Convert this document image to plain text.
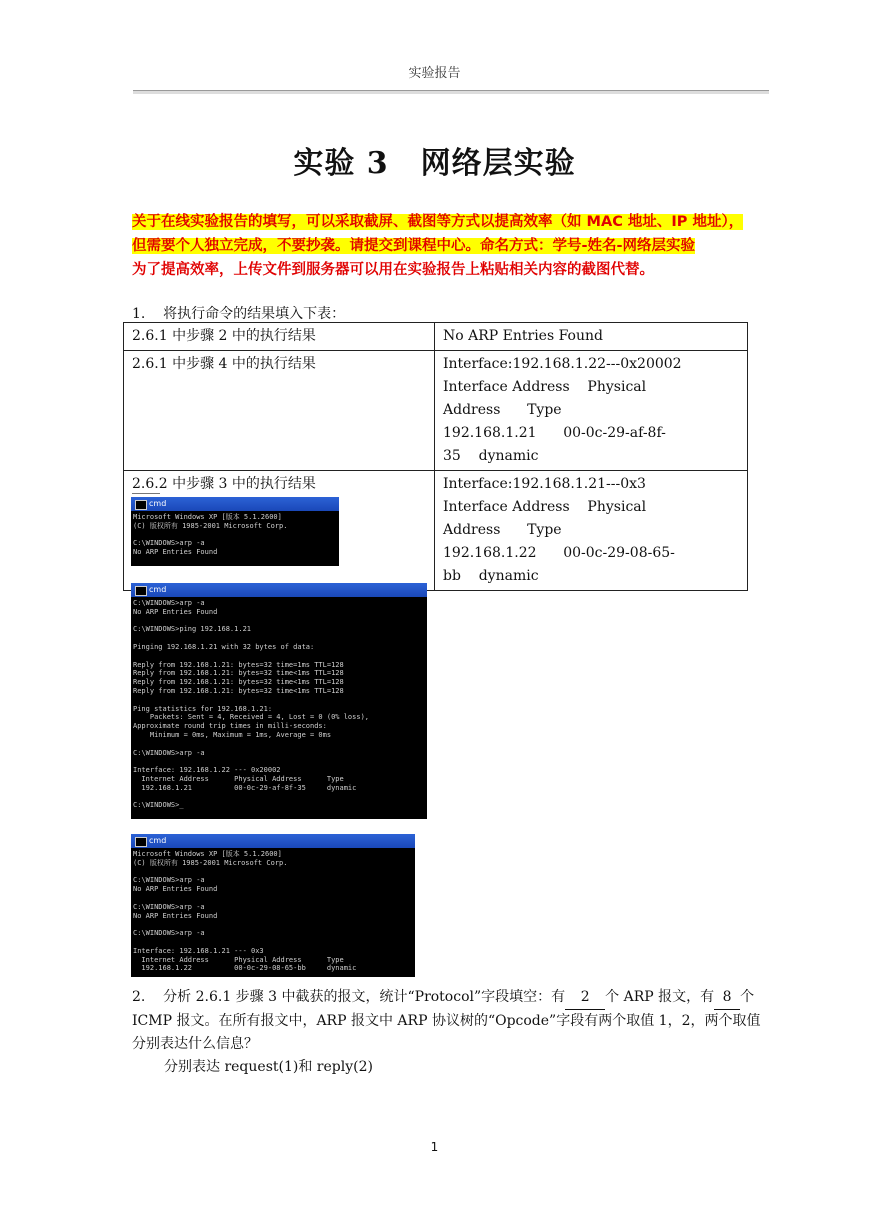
实验报告
实验 3 网络层实验
关于在线实验报告的填写，可以采取截屏、截图等方式以提高效率（如 MAC 地址、IP 地址），
但需要个人独立完成，不要抄袭。请提交到课程中心。命名方式：学号-姓名-网络层实验
为了提高效率，上传文件到服务器可以用在实验报告上粘贴相关内容的截图代替。
1.    将执行命令的结果填入下表：
2.6.1 中步骤 2 中的执行结果	No ARP Entries Found

2.6.1 中步骤 4 中的执行结果	Interface:192.168.1.22---0x20002
Interface Address    Physical Address      Type
192.168.1.21      00-0c-29-af-8f-35    dynamic

2.6.2 中步骤 3 中的执行结果	Interface:192.168.1.21---0x3
Interface Address    Physical Address      Type
192.168.1.22      00-0c-29-08-65-bb    dynamic
cmd
Microsoft Windows XP [版本 5.1.2600]
(C) 版权所有 1985-2001 Microsoft Corp.

C:\WINDOWS>arp -a
No ARP Entries Found
cmd
C:\WINDOWS>arp -a
No ARP Entries Found

C:\WINDOWS>ping 192.168.1.21

Pinging 192.168.1.21 with 32 bytes of data:

Reply from 192.168.1.21: bytes=32 time=1ms TTL=128
Reply from 192.168.1.21: bytes=32 time<1ms TTL=128
Reply from 192.168.1.21: bytes=32 time<1ms TTL=128
Reply from 192.168.1.21: bytes=32 time<1ms TTL=128

Ping statistics for 192.168.1.21:
Packets: Sent = 4, Received = 4, Lost = 0 (0% loss),
Approximate round trip times in milli-seconds:
Minimum = 0ms, Maximum = 1ms, Average = 0ms

C:\WINDOWS>arp -a

Interface: 192.168.1.22 --- 0x20002
Internet Address      Physical Address      Type
192.168.1.21          00-0c-29-af-8f-35     dynamic

C:\WINDOWS>_
cmd
Microsoft Windows XP [版本 5.1.2600]
(C) 版权所有 1985-2001 Microsoft Corp.

C:\WINDOWS>arp -a
No ARP Entries Found

C:\WINDOWS>arp -a
No ARP Entries Found

C:\WINDOWS>arp -a

Interface: 192.168.1.21 --- 0x3
Internet Address      Physical Address      Type
192.168.1.22          00-0c-29-08-65-bb     dynamic
2.    分析 2.6.1 步骤 3 中截获的报文，统计“Protocol”字段填空：有 2 个 ARP 报文，有 8 个 ICMP 报文。在所有报文中，ARP 报文中 ARP 协议树的“Opcode”字段有两个取值 1，2，两个取值分别表达什么信息？
分别表达 request(1)和 reply(2)
1
